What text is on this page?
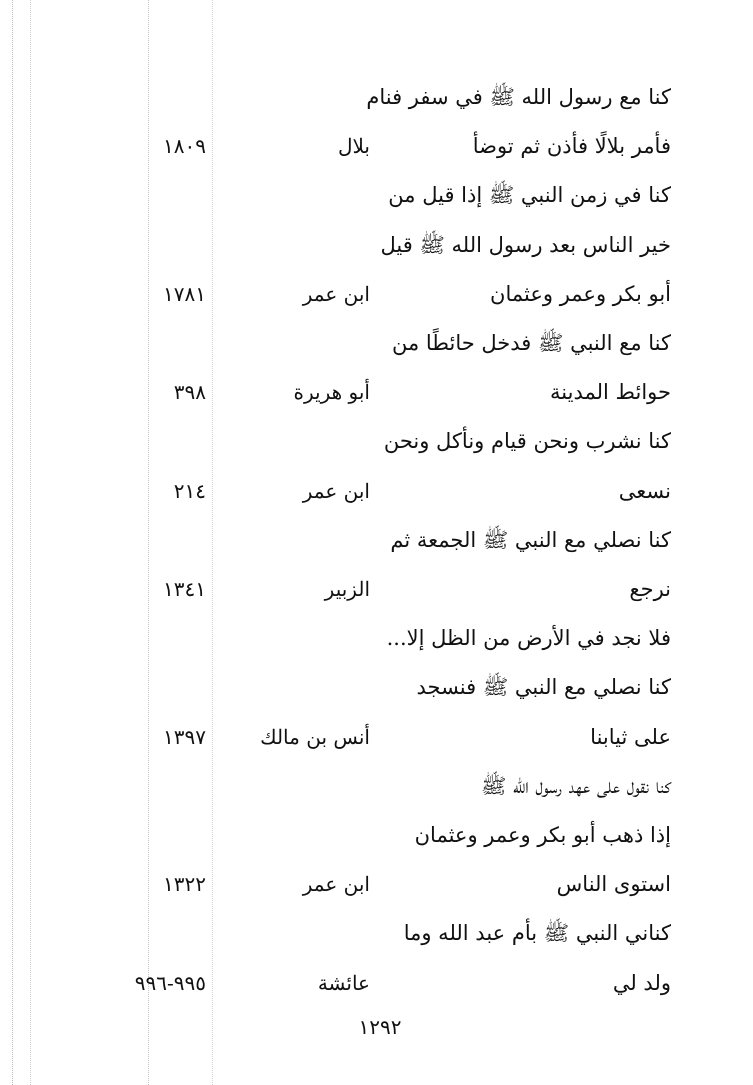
كنا مع رسول الله ﷺ في سفر فنام
فأمر بلالًا فأذن ثم توضأ
بلال
١٨٠٩
كنا في زمن النبي ﷺ إذا قيل من
خير الناس بعد رسول الله ﷺ قيل
أبو بكر وعمر وعثمان
ابن عمر
١٧٨١
كنا مع النبي ﷺ فدخل حائطًا من
حوائط المدينة
أبو هريرة
٣٩٨
كنا نشرب ونحن قيام ونأكل ونحن
نسعى
ابن عمر
٢١٤
كنا نصلي مع النبي ﷺ الجمعة ثم
نرجع
الزبير
١٣٤١
فلا نجد في الأرض من الظل إلا...
كنا نصلي مع النبي ﷺ فنسجد
على ثيابنا
أنس بن مالك
١٣٩٧
كنا نقول على عهد رسول الله ﷺ
إذا ذهب أبو بكر وعمر وعثمان
استوى الناس
ابن عمر
١٣٢٢
كناني النبي ﷺ بأم عبد الله وما
ولد لي
عائشة
٩٩٥-٩٩٦
١٢٩٢
